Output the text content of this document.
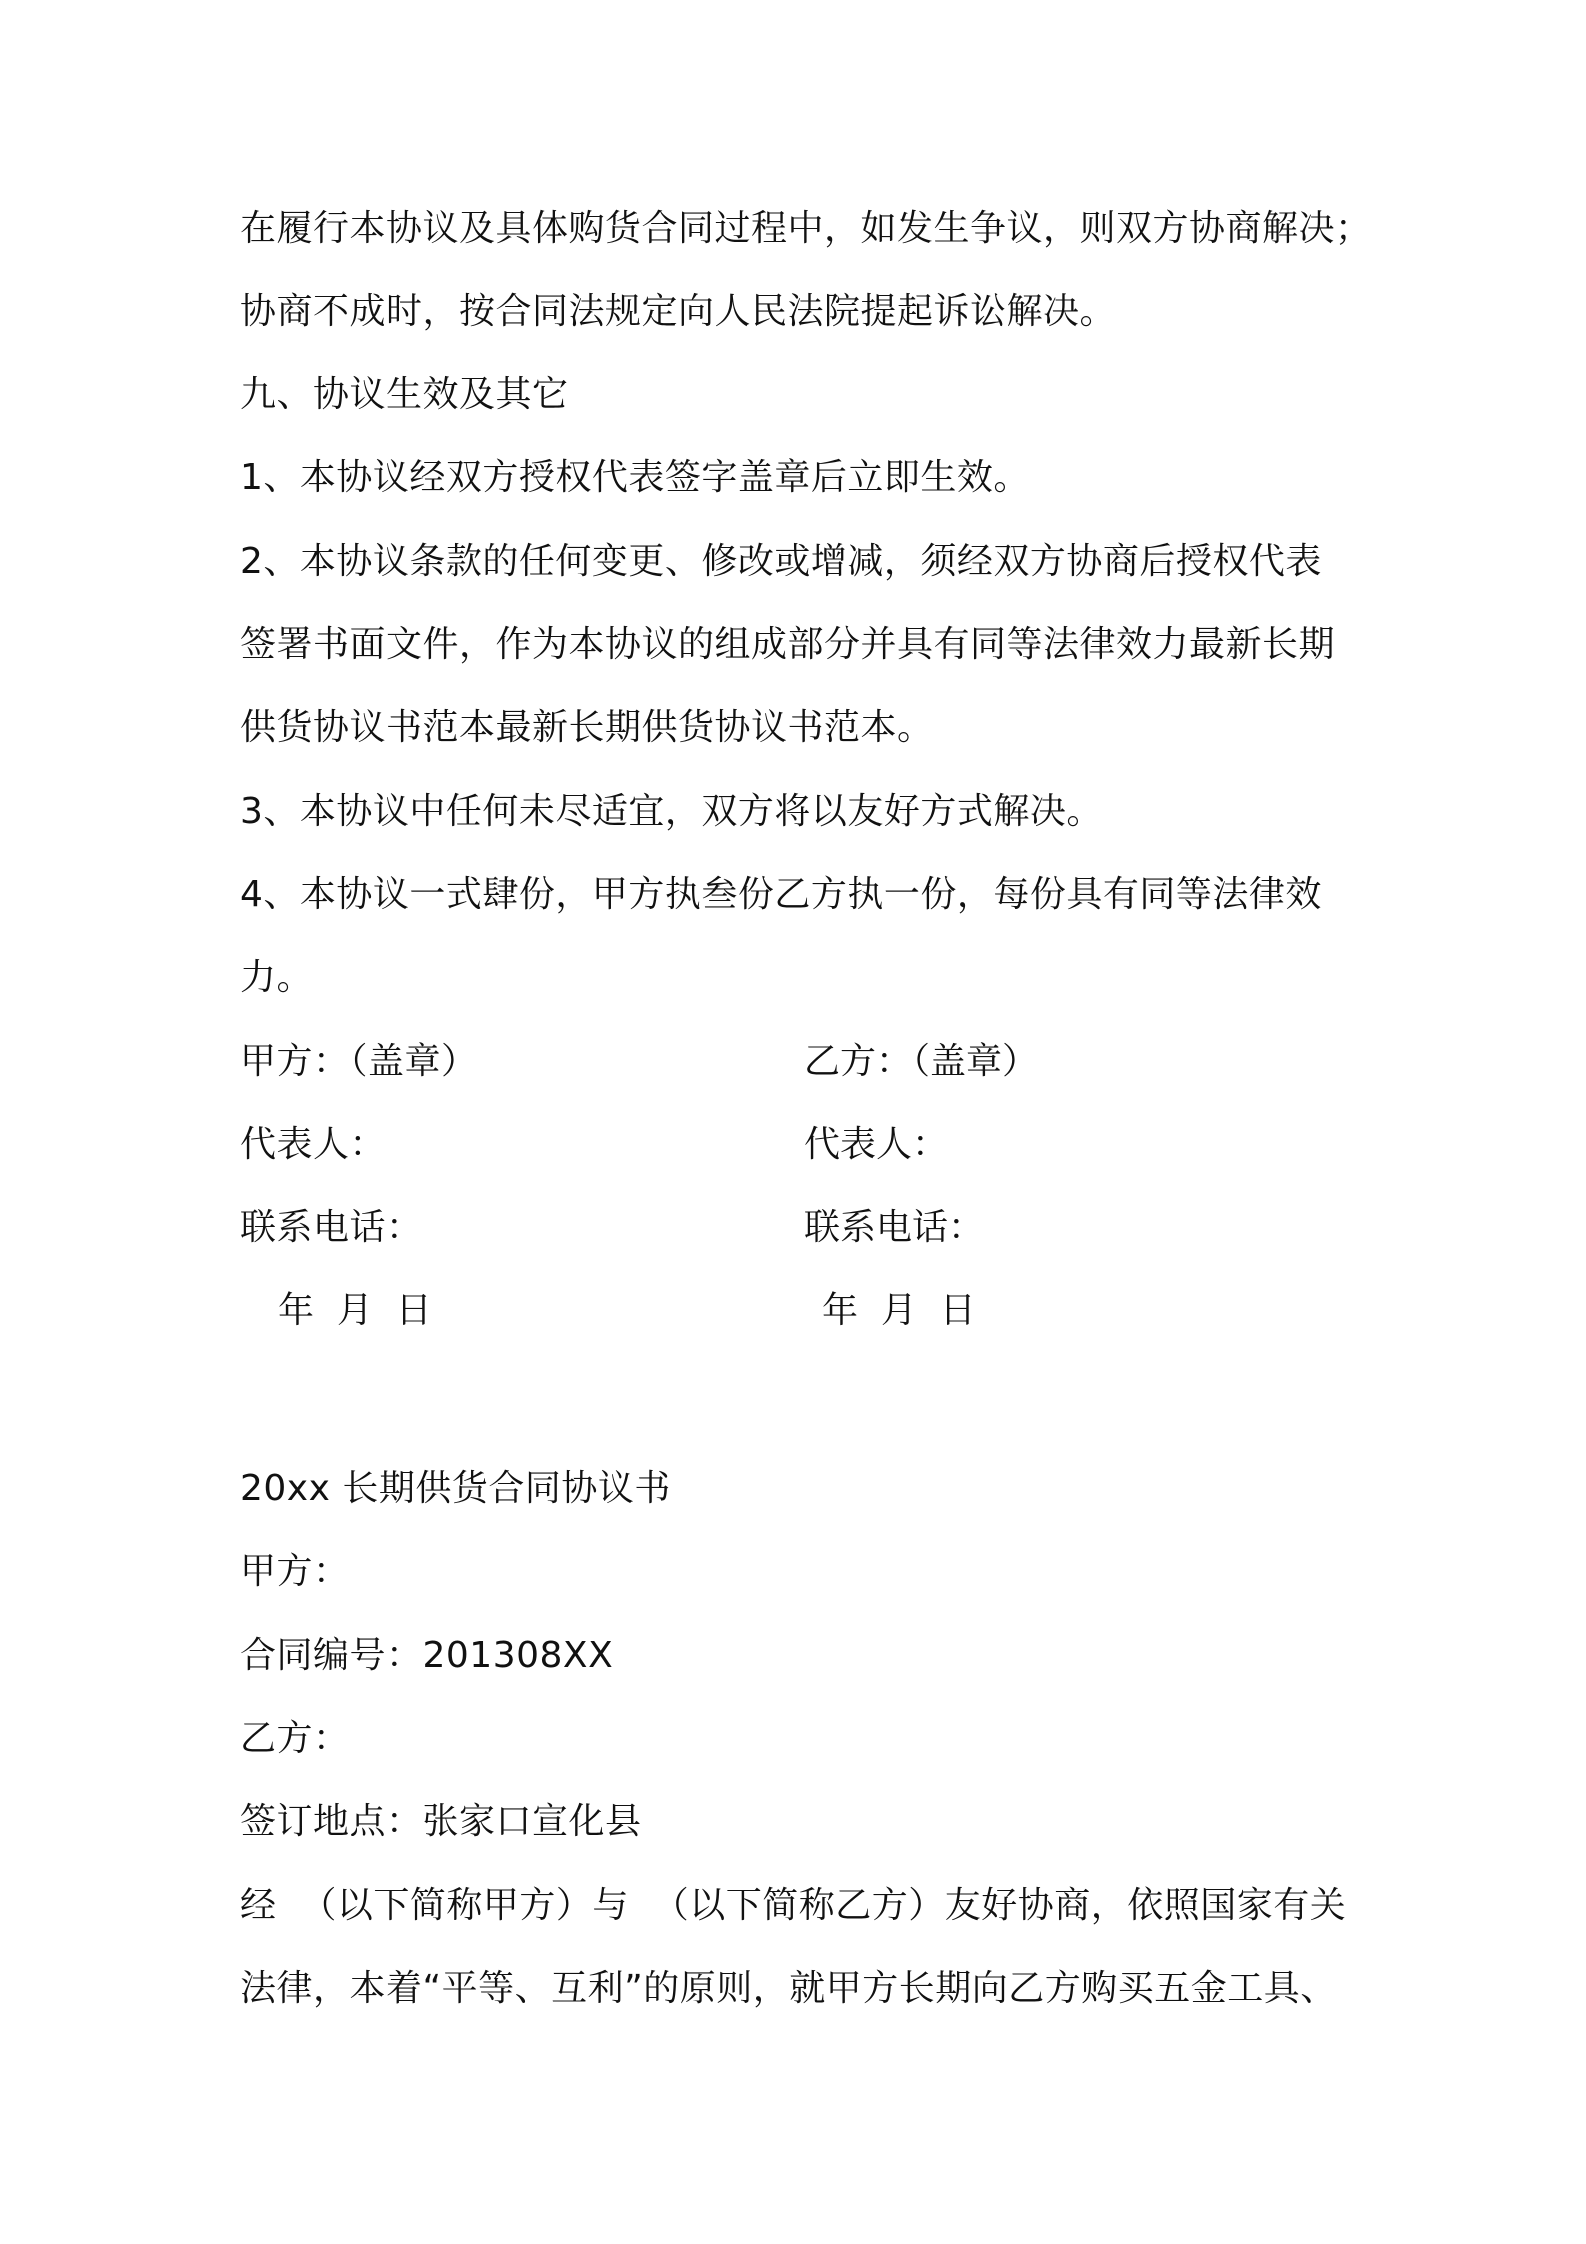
在履行本协议及具体购货合同过程中，如发生争议，则双方协商解决；
协商不成时，按合同法规定向人民法院提起诉讼解决。
九、协议生效及其它
1、本协议经双方授权代表签字盖章后立即生效。
2、本协议条款的任何变更、修改或增减，须经双方协商后授权代表
签署书面文件，作为本协议的组成部分并具有同等法律效力最新长期
供货协议书范本最新长期供货协议书范本。
3、本协议中任何未尽适宜，双方将以友好方式解决。
4、本协议一式肆份，甲方执叁份乙方执一份，每份具有同等法律效
力。
甲方：（盖章）	乙方：（盖章）
代表人：	代表人：
联系电话：	联系电话：
年  月  日	年  月  日
20xx 长期供货合同协议书
甲方：
合同编号：201308XX
乙方：
签订地点：张家口宣化县
经  （以下简称甲方）与  （以下简称乙方）友好协商，依照国家有关
法律，本着“平等、互利”的原则，就甲方长期向乙方购买五金工具、
